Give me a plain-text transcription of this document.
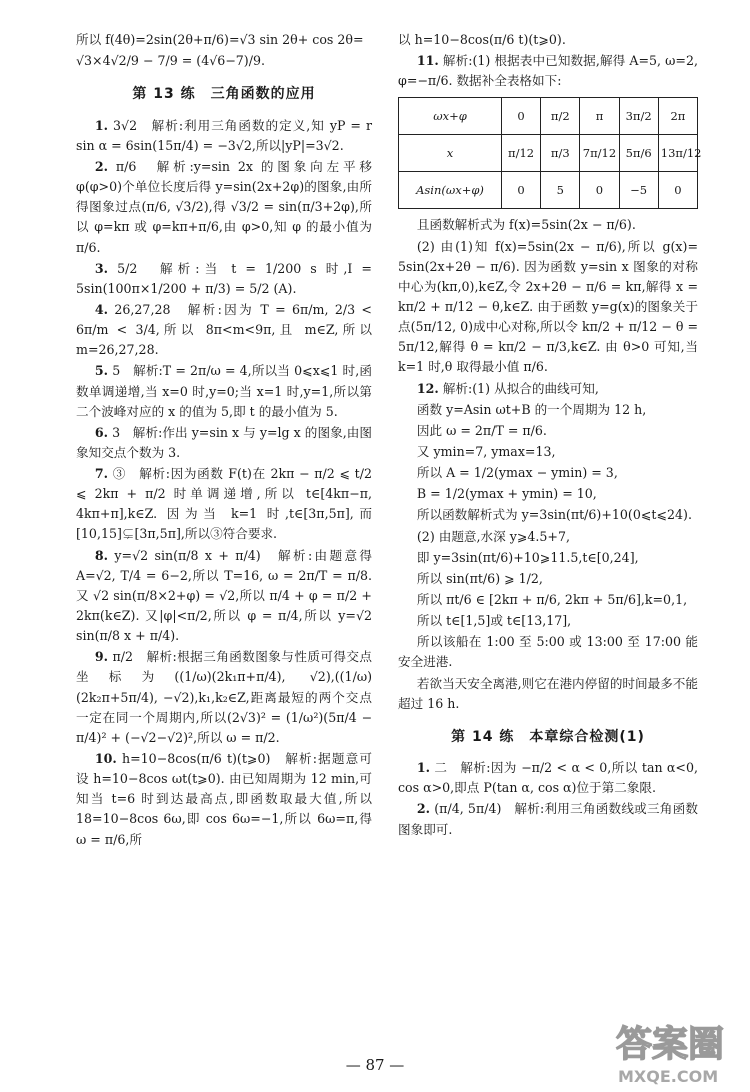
所以 f(4θ)=2sin(2θ+π/6)=√3 sin 2θ+ cos 2θ=

√3×4√2/9 − 7/9 = (4√6−7)/9.

第 13 练　三角函数的应用

1. 3√2　解析:利用三角函数的定义,知 yP = r sin α = 6sin(15π/4) = −3√2,所以|yP|=3√2.

2. π/6　解析:y=sin 2x 的图象向左平移 φ(φ>0)个单位长度后得 y=sin(2x+2φ)的图象,由所得图象过点(π/6, √3/2),得 √3/2 = sin(π/3+2φ),所以 φ=kπ 或 φ=kπ+π/6,由 φ>0,知 φ 的最小值为 π/6.

3. 5/2　解析:当 t = 1/200 s 时,I = 5sin(100π×1/200 + π/3) = 5/2 (A).

4. 26,27,28　解析:因为 T = 6π/m, 2/3 < 6π/m < 3/4,所以 8π<m<9π,且 m∈Z,所以 m=26,27,28.

5. 5　解析:T = 2π/ω = 4,所以当 0⩽x⩽1 时,函数单调递增,当 x=0 时,y=0;当 x=1 时,y=1,所以第二个波峰对应的 x 的值为 5,即 t 的最小值为 5.

6. 3　解析:作出 y=sin x 与 y=lg x 的图象,由图象知交点个数为 3.

7. ③　解析:因为函数 F(t)在 2kπ − π/2 ⩽ t/2 ⩽ 2kπ + π/2 时单调递增,所以 t∈[4kπ−π, 4kπ+π],k∈Z. 因为当 k=1 时,t∈[3π,5π],而[10,15]⊊[3π,5π],所以③符合要求.

8. y=√2 sin(π/8 x + π/4)　解析:由题意得 A=√2, T/4 = 6−2,所以 T=16, ω = 2π/T = π/8. 又 √2 sin(π/8×2+φ) = √2,所以 π/4 + φ = π/2 + 2kπ(k∈Z). 又|φ|<π/2,所以 φ = π/4,所以 y=√2 sin(π/8 x + π/4).

9. π/2　解析:根据三角函数图象与性质可得交点坐标为((1/ω)(2k₁π+π/4), √2),((1/ω)(2k₂π+5π/4), −√2),k₁,k₂∈Z,距离最短的两个交点一定在同一个周期内,所以(2√3)² = (1/ω²)(5π/4 − π/4)² + (−√2−√2)²,所以 ω = π/2.

10. h=10−8cos(π/6 t)(t⩾0)　解析:据题意可设 h=10−8cos ωt(t⩾0). 由已知周期为 12 min,可知当 t=6 时到达最高点,即函数取最大值,所以 18=10−8cos 6ω,即 cos 6ω=−1,所以 6ω=π,得 ω = π/6,所

以 h=10−8cos(π/6 t)(t⩾0).

11. 解析:(1) 根据表中已知数据,解得 A=5, ω=2, φ=−π/6. 数据补全表格如下:

ωx+φ	0	π/2	π	3π/2	2π
x	π/12	π/3	7π/12	5π/6	13π/12
Asin(ωx+φ)	0	5	0	−5	0

且函数解析式为 f(x)=5sin(2x − π/6).

(2) 由(1)知 f(x)=5sin(2x − π/6),所以 g(x)= 5sin(2x+2θ − π/6). 因为函数 y=sin x 图象的对称中心为(kπ,0),k∈Z,令 2x+2θ − π/6 = kπ,解得 x = kπ/2 + π/12 − θ,k∈Z. 由于函数 y=g(x)的图象关于点(5π/12, 0)成中心对称,所以令 kπ/2 + π/12 − θ = 5π/12,解得 θ = kπ/2 − π/3,k∈Z. 由 θ>0 可知,当 k=1 时,θ 取得最小值 π/6.

12. 解析:(1) 从拟合的曲线可知,

函数 y=Asin ωt+B 的一个周期为 12 h,

因此 ω = 2π/T = π/6.

又 ymin=7, ymax=13,

所以 A = 1/2(ymax − ymin) = 3,

B = 1/2(ymax + ymin) = 10,

所以函数解析式为 y=3sin(πt/6)+10(0⩽t⩽24).

(2) 由题意,水深 y⩾4.5+7,

即 y=3sin(πt/6)+10⩾11.5,t∈[0,24],

所以 sin(πt/6) ⩾ 1/2,

所以 πt/6 ∈ [2kπ + π/6, 2kπ + 5π/6],k=0,1,

所以 t∈[1,5]或 t∈[13,17],

所以该船在 1:00 至 5:00 或 13:00 至 17:00 能安全进港.

若欲当天安全离港,则它在港内停留的时间最多不能超过 16 h.

第 14 练　本章综合检测(1)

1. 二　解析:因为 −π/2 < α < 0,所以 tan α<0, cos α>0,即点 P(tan α, cos α)位于第二象限.

2. (π/4, 5π/4)　解析:利用三角函数线或三角函数图象即可.

— 87 —	答案圈
MXQE.COM
